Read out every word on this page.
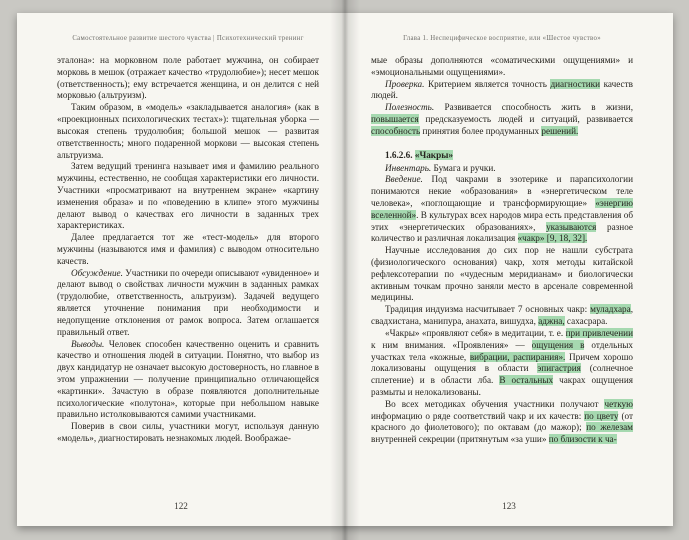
Самостоятельное развитие шестого чувства | Психотехнический тренинг

эталона»: на морковном поле работает мужчина, он собирает морковь в мешок (отражает качество «трудолюбие»); несет мешок (ответственность); ему встречается женщина, и он делится с ней морковью (альтруизм).

Таким образом, в «модель» «закладывается аналогия» (как в «проекционных психологических тестах»): тщательная уборка — высокая степень трудолюбия; большой мешок — развитая ответственность; много подаренной моркови — высокая степень альтруизма.

Затем ведущий тренинга называет имя и фамилию реального мужчины, естественно, не сообщая характеристики его личности. Участники «просматривают на внутреннем экране» «картину изменения образа» и по «поведению в клипе» этого мужчины делают вывод о качествах его личности в заданных трех характеристиках.

Далее предлагается тот же «тест-модель» для второго мужчины (называются имя и фамилия) с выводом относительно качеств.

Обсуждение. Участники по очереди описывают «увиденное» и делают вывод о свойствах личности мужчин в заданных рамках (трудолюбие, ответственность, альтруизм). Задачей ведущего является уточнение понимания при необходимости и недопущение отклонения от рамок вопроса. Затем оглашается правильный ответ.

Выводы. Человек способен качественно оценить и сравнить качество и отношения людей в ситуации. Понятно, что выбор из двух кандидатур не означает высокую достоверность, но главное в этом упражнении — получение принципиально отличающейся «картинки». Зачастую в образе появляются дополнительные психологические «полутона», которые при небольшом навыке правильно истолковываются самими участниками.

Поверив в свои силы, участники могут, используя данную «модель», диагностировать незнакомых людей. Воображае-

122
Глава 1. Неспецифическое восприятие, или «Шестое чувство»

мые образы дополняются «соматическими ощущениями» и «эмоциональными ощущениями».

Проверка. Критерием является точность диагностики качеств людей.

Полезность. Развивается способность жить в жизни, повышается предсказуемость людей и ситуаций, развивается способность принятия более продуманных решений.

1.6.2.6. «Чакры»

Инвентарь. Бумага и ручки.

Введение. Под чакрами в эзотерике и парапсихологии понимаются некие «образования» в «энергетическом теле человека», «поглощающие и трансформирующие» «энергию вселенной». В культурах всех народов мира есть представления об этих «энергетических образованиях», указываются разное количество и различная локализация «чакр» [9, 18, 32].

Научные исследования до сих пор не нашли субстрата (физиологического основания) чакр, хотя методы китайской рефлексотерапии по «чудесным меридианам» и биологически активным точкам прочно заняли место в арсенале современной медицины.

Традиция индуизма насчитывает 7 основных чакр: муладхара, свадхистана, манипура, анахата, вишудха, аджна, сахасрара.

«Чакры» «проявляют себя» в медитации, т. е. при привлечении к ним внимания. «Проявления» — ощущения в отдельных участках тела «кожные, вибрации, распирания». Причем хорошо локализованы ощущения в области эпигастрия (солнечное сплетение) и в области лба. В остальных чакрах ощущения размыты и нелокализованы.

Во всех методиках обучения участники получают четкую информацию о ряде соответствий чакр и их качеств: по цвету (от красного до фиолетового); по октавам (до мажор); по железам внутренней секреции (притянутым «за уши» по близости к ча-

123
